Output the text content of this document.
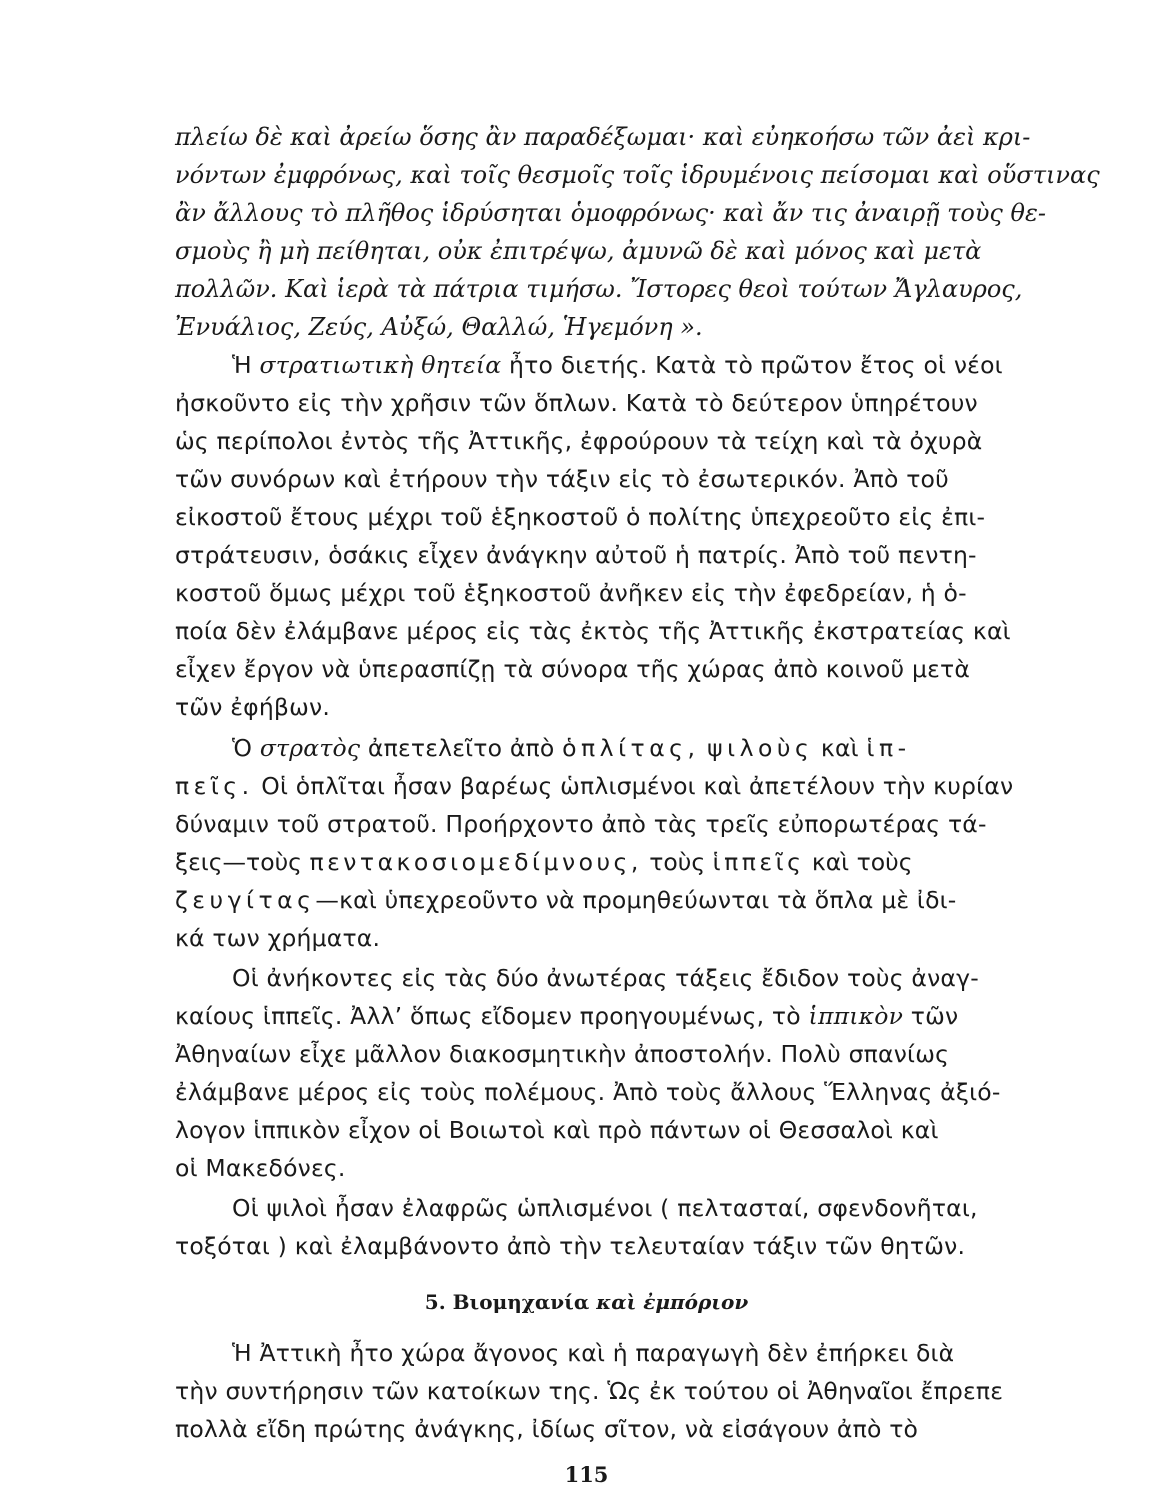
πλείω δὲ καὶ ἀρείω ὅσης ἂν παραδέξωμαι· καὶ εὐηκοήσω τῶν ἀεὶ κρι-
νόντων ἐμφρόνως, καὶ τοῖς θεσμοῖς τοῖς ἱδρυμένοις πείσομαι καὶ οὕστινας
ἂν ἄλλους τὸ πλῆθος ἱδρύσηται ὁμοφρόνως· καὶ ἄν τις ἀναιρῇ τοὺς θε-
σμοὺς ἢ μὴ πείθηται, οὐκ ἐπιτρέψω, ἀμυνῶ δὲ καὶ μόνος καὶ μετὰ
πολλῶν. Καὶ ἱερὰ τὰ πάτρια τιμήσω. Ἴστορες θεοὶ τούτων Ἄγλαυρος,
Ἐνυάλιος, Ζεύς, Αὐξώ, Θαλλώ, Ἡγεμόνη ».
Ἡ στρατιωτικὴ θητεία ἦτο διετής. Κατὰ τὸ πρῶτον ἔτος οἱ νέοι
ἠσκοῦντο εἰς τὴν χρῆσιν τῶν ὅπλων. Κατὰ τὸ δεύτερον ὑπηρέτουν
ὡς περίπολοι ἐντὸς τῆς Ἀττικῆς, ἐφρούρουν τὰ τείχη καὶ τὰ ὀχυρὰ
τῶν συνόρων καὶ ἐτήρουν τὴν τάξιν εἰς τὸ ἐσωτερικόν. Ἀπὸ τοῦ
εἰκοστοῦ ἔτους μέχρι τοῦ ἑξηκοστοῦ ὁ πολίτης ὑπεχρεοῦτο εἰς ἐπι-
στράτευσιν, ὁσάκις εἶχεν ἀνάγκην αὐτοῦ ἡ πατρίς. Ἀπὸ τοῦ πεντη-
κοστοῦ ὅμως μέχρι τοῦ ἑξηκοστοῦ ἀνῆκεν εἰς τὴν ἐφεδρείαν, ἡ ὁ-
ποία δὲν ἐλάμβανε μέρος εἰς τὰς ἐκτὸς τῆς Ἀττικῆς ἐκστρατείας καὶ
εἶχεν ἔργον νὰ ὑπερασπίζῃ τὰ σύνορα τῆς χώρας ἀπὸ κοινοῦ μετὰ
τῶν ἐφήβων.
Ὁ στρατὸς ἀπετελεῖτο ἀπὸ ὁπλίτας, ψιλοὺς καὶ ἱπ-
πεῖς. Οἱ ὁπλῖται ἦσαν βαρέως ὡπλισμένοι καὶ ἀπετέλουν τὴν κυρίαν
δύναμιν τοῦ στρατοῦ. Προήρχοντο ἀπὸ τὰς τρεῖς εὐπορωτέρας τά-
ξεις—τοὺς πεντακοσιομεδίμνους, τοὺς ἱππεῖς καὶ τοὺς
ζευγίτας—καὶ ὑπεχρεοῦντο νὰ προμηθεύωνται τὰ ὅπλα μὲ ἰδι-
κά των χρήματα.
Οἱ ἀνήκοντες εἰς τὰς δύο ἀνωτέρας τάξεις ἔδιδον τοὺς ἀναγ-
καίους ἱππεῖς. Ἀλλ’ ὅπως εἴδομεν προηγουμένως, τὸ ἱππικὸν τῶν
Ἀθηναίων εἶχε μᾶλλον διακοσμητικὴν ἀποστολήν. Πολὺ σπανίως
ἐλάμβανε μέρος εἰς τοὺς πολέμους. Ἀπὸ τοὺς ἄλλους Ἕλληνας ἀξιό-
λογον ἱππικὸν εἶχον οἱ Βοιωτοὶ καὶ πρὸ πάντων οἱ Θεσσαλοὶ καὶ
οἱ Μακεδόνες.
Οἱ ψιλοὶ ἦσαν ἐλαφρῶς ὡπλισμένοι ( πελτασταί, σφενδονῆται,
τοξόται ) καὶ ἐλαμβάνοντο ἀπὸ τὴν τελευταίαν τάξιν τῶν θητῶν.
5. Βιομηχανία καὶ ἐμπόριον
Ἡ Ἀττικὴ ἦτο χώρα ἄγονος καὶ ἡ παραγωγὴ δὲν ἐπήρκει διὰ
τὴν συντήρησιν τῶν κατοίκων της. Ὡς ἐκ τούτου οἱ Ἀθηναῖοι ἔπρεπε
πολλὰ εἴδη πρώτης ἀνάγκης, ἰδίως σῖτον, νὰ εἰσάγουν ἀπὸ τὸ
115
